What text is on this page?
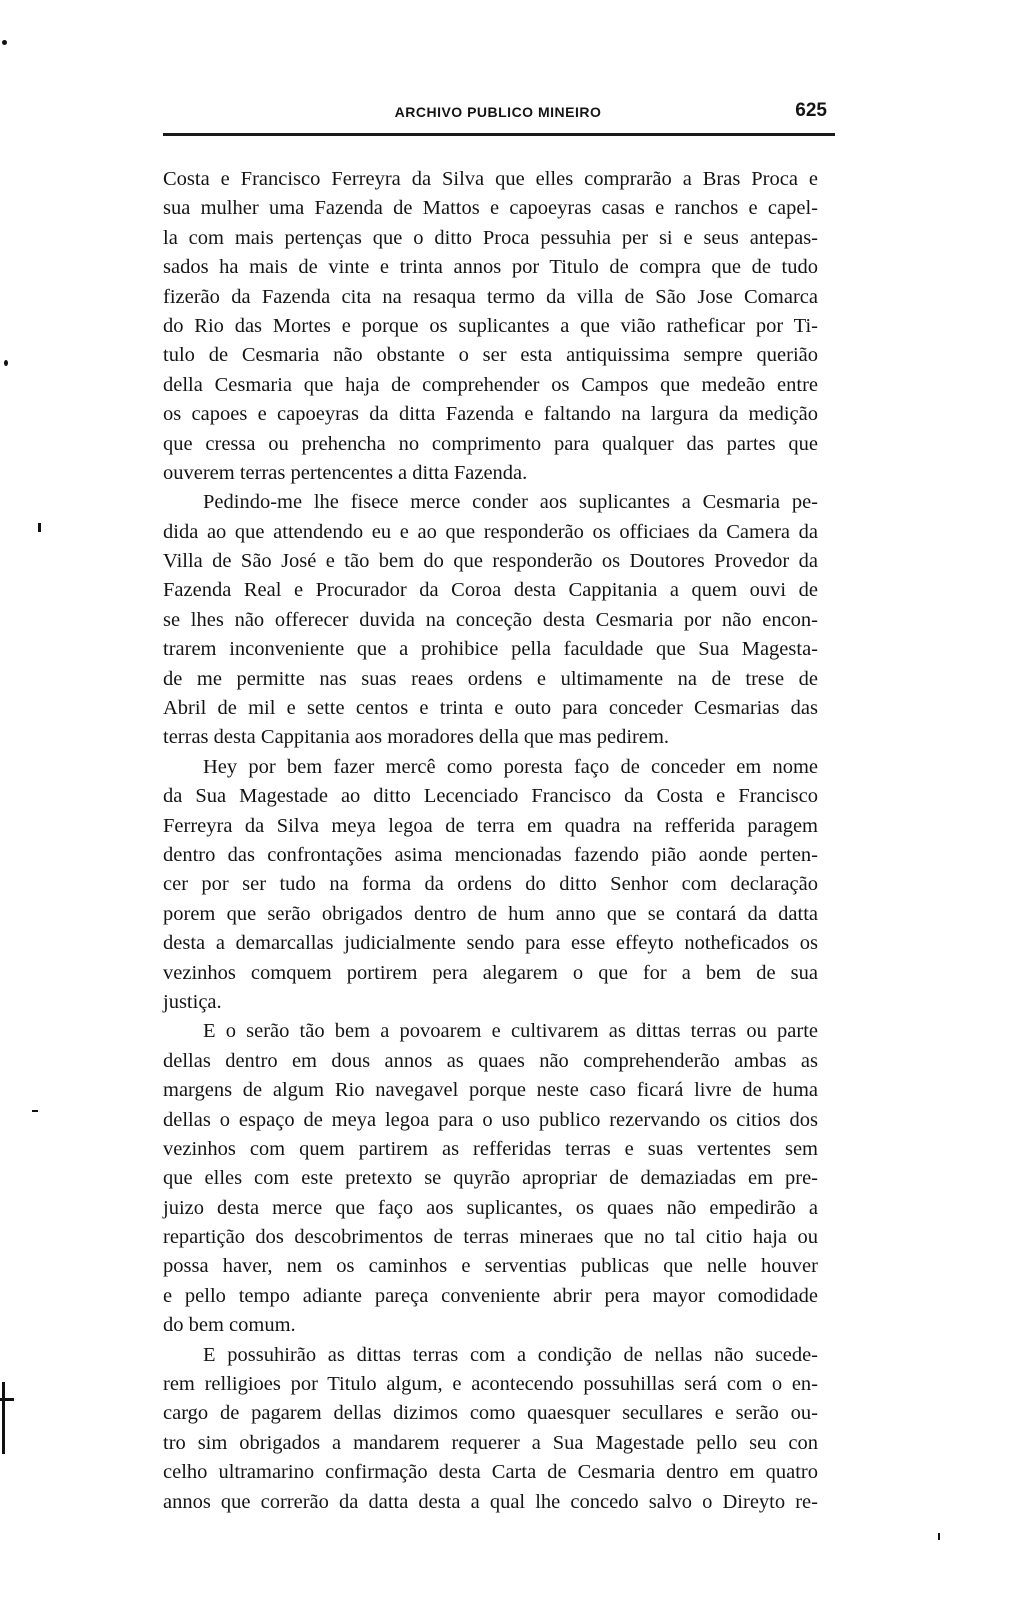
ARCHIVO PUBLICO MINEIRO	625
Costa e Francisco Ferreyra da Silva que elles comprarão a Bras Proca e
sua mulher uma Fazenda de Mattos e capoeyras casas e ranchos e capel-
la com mais pertenças que o ditto Proca pessuhia per si e seus antepas-
sados ha mais de vinte e trinta annos por Titulo de compra que de tudo
fizerão da Fazenda cita na resaqua termo da villa de São Jose Comarca
do Rio das Mortes e porque os suplicantes a que vião ratheficar por Ti-
tulo de Cesmaria não obstante o ser esta antiquissima sempre querião
della Cesmaria que haja de comprehender os Campos que medeão entre
os capoes e capoeyras da ditta Fazenda e faltando na largura da medição
que cressa ou prehencha no comprimento para qualquer das partes que
ouverem terras pertencentes a ditta Fazenda.
Pedindo-me lhe fisece merce conder aos suplicantes a Cesmaria pe-
dida ao que attendendo eu e ao que responderão os officiaes da Camera da
Villa de São José e tão bem do que responderão os Doutores Provedor da
Fazenda Real e Procurador da Coroa desta Cappitania a quem ouvi de
se lhes não offerecer duvida na conceção desta Cesmaria por não encon-
trarem inconveniente que a prohibice pella faculdade que Sua Magesta-
de me permitte nas suas reaes ordens e ultimamente na de trese de
Abril de mil e sette centos e trinta e outo para conceder Cesmarias das
terras desta Cappitania aos moradores della que mas pedirem.
Hey por bem fazer mercê como poresta faço de conceder em nome
da Sua Magestade ao ditto Lecenciado Francisco da Costa e Francisco
Ferreyra da Silva meya legoa de terra em quadra na refferida paragem
dentro das confrontações asima mencionadas fazendo pião aonde perten-
cer por ser tudo na forma da ordens do ditto Senhor com declaração
porem que serão obrigados dentro de hum anno que se contará da datta
desta a demarcallas judicialmente sendo para esse effeyto notheficados os
vezinhos comquem portirem pera alegarem o que for a bem de sua
justiça.
E o serão tão bem a povoarem e cultivarem as dittas terras ou parte
dellas dentro em dous annos as quaes não comprehenderão ambas as
margens de algum Rio navegavel porque neste caso ficará livre de huma
dellas o espaço de meya legoa para o uso publico rezervando os citios dos
vezinhos com quem partirem as refferidas terras e suas vertentes sem
que elles com este pretexto se quyrão apropriar de demaziadas em pre-
juizo desta merce que faço aos suplicantes, os quaes não empedirão a
repartição dos descobrimentos de terras mineraes que no tal citio haja ou
possa haver, nem os caminhos e serventias publicas que nelle houver
e pello tempo adiante pareça conveniente abrir pera mayor comodidade
do bem comum.
E possuhirão as dittas terras com a condição de nellas não sucede-
rem relligioes por Titulo algum, e acontecendo possuhillas será com o en-
cargo de pagarem dellas dizimos como quaesquer secullares e serão ou-
tro sim obrigados a mandarem requerer a Sua Magestade pello seu con
celho ultramarino confirmação desta Carta de Cesmaria dentro em quatro
annos que correrão da datta desta a qual lhe concedo salvo o Direyto re-
